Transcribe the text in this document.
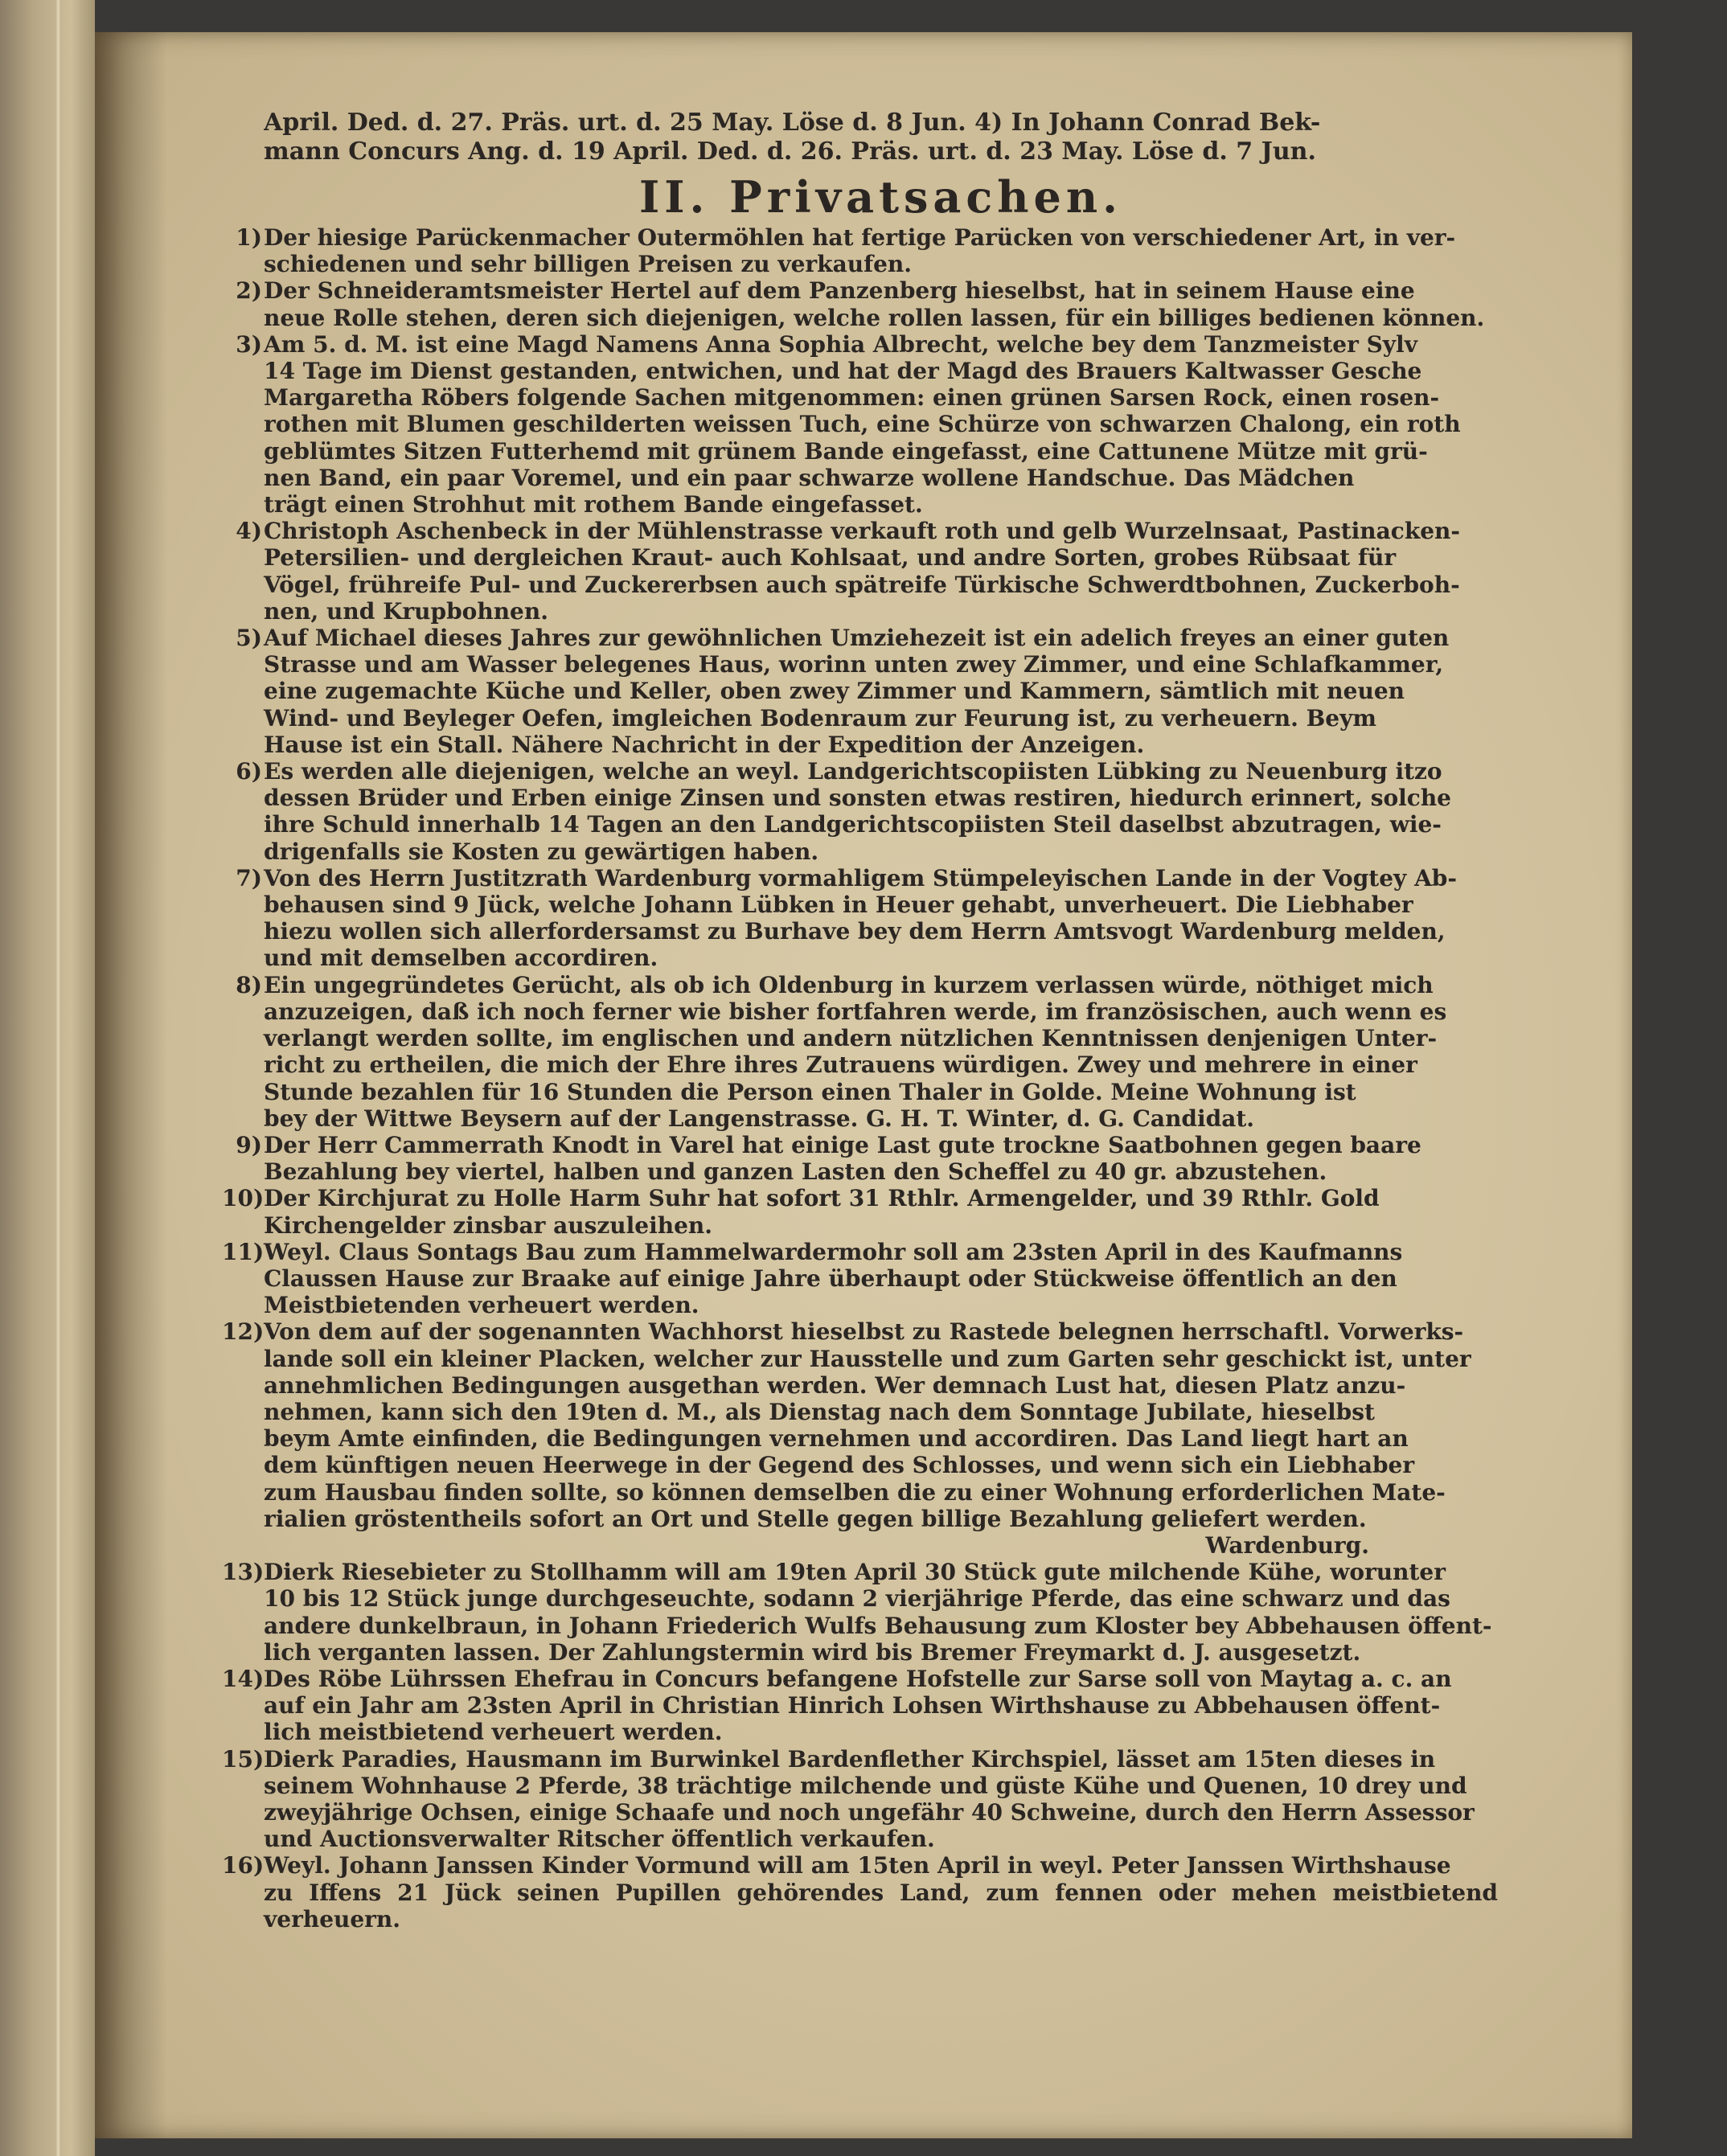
April. Ded. d. 27. Präs. urt. d. 25 May. Löse d. 8 Jun. 4) In Johann Conrad Bek-
mann Concurs Ang. d. 19 April. Ded. d. 26. Präs. urt. d. 23 May. Löse d. 7 Jun.
II. Privatsachen.
1) Der hiesige Parückenmacher Outermöhlen hat fertige Parücken von verschiedener Art, in ver-
schiedenen und sehr billigen Preisen zu verkaufen.
2) Der Schneideramtsmeister Hertel auf dem Panzenberg hieselbst, hat in seinem Hause eine
neue Rolle stehen, deren sich diejenigen, welche rollen lassen, für ein billiges bedienen können.
3) Am 5. d. M. ist eine Magd Namens Anna Sophia Albrecht, welche bey dem Tanzmeister Sylv
14 Tage im Dienst gestanden, entwichen, und hat der Magd des Brauers Kaltwasser Gesche
Margaretha Röbers folgende Sachen mitgenommen: einen grünen Sarsen Rock, einen rosen-
rothen mit Blumen geschilderten weissen Tuch, eine Schürze von schwarzen Chalong, ein roth
geblümtes Sitzen Futterhemd mit grünem Bande eingefasst, eine Cattunene Mütze mit grü-
nen Band, ein paar Voremel, und ein paar schwarze wollene Handschue. Das Mädchen
trägt einen Strohhut mit rothem Bande eingefasset.
4) Christoph Aschenbeck in der Mühlenstrasse verkauft roth und gelb Wurzelnsaat, Pastinacken-
Petersilien- und dergleichen Kraut- auch Kohlsaat, und andre Sorten, grobes Rübsaat für
Vögel, frühreife Pul- und Zuckererbsen auch spätreife Türkische Schwerdtbohnen, Zuckerboh-
nen, und Krupbohnen.
5) Auf Michael dieses Jahres zur gewöhnlichen Umziehezeit ist ein adelich freyes an einer guten
Strasse und am Wasser belegenes Haus, worinn unten zwey Zimmer, und eine Schlafkammer,
eine zugemachte Küche und Keller, oben zwey Zimmer und Kammern, sämtlich mit neuen
Wind- und Beyleger Oefen, imgleichen Bodenraum zur Feurung ist, zu verheuern. Beym
Hause ist ein Stall. Nähere Nachricht in der Expedition der Anzeigen.
6) Es werden alle diejenigen, welche an weyl. Landgerichtscopiisten Lübking zu Neuenburg itzo
dessen Brüder und Erben einige Zinsen und sonsten etwas restiren, hiedurch erinnert, solche
ihre Schuld innerhalb 14 Tagen an den Landgerichtscopiisten Steil daselbst abzutragen, wie-
drigenfalls sie Kosten zu gewärtigen haben.
7) Von des Herrn Justitzrath Wardenburg vormahligem Stümpeleyischen Lande in der Vogtey Ab-
behausen sind 9 Jück, welche Johann Lübken in Heuer gehabt, unverheuert. Die Liebhaber
hiezu wollen sich allerfordersamst zu Burhave bey dem Herrn Amtsvogt Wardenburg melden,
und mit demselben accordiren.
8) Ein ungegründetes Gerücht, als ob ich Oldenburg in kurzem verlassen würde, nöthiget mich
anzuzeigen, daß ich noch ferner wie bisher fortfahren werde, im französischen, auch wenn es
verlangt werden sollte, im englischen und andern nützlichen Kenntnissen denjenigen Unter-
richt zu ertheilen, die mich der Ehre ihres Zutrauens würdigen. Zwey und mehrere in einer
Stunde bezahlen für 16 Stunden die Person einen Thaler in Golde. Meine Wohnung ist
bey der Wittwe Beysern auf der Langenstrasse. G. H. T. Winter, d. G. Candidat.
9) Der Herr Cammerrath Knodt in Varel hat einige Last gute trockne Saatbohnen gegen baare
Bezahlung bey viertel, halben und ganzen Lasten den Scheffel zu 40 gr. abzustehen.
10) Der Kirchjurat zu Holle Harm Suhr hat sofort 31 Rthlr. Armengelder, und 39 Rthlr. Gold
Kirchengelder zinsbar auszuleihen.
11) Weyl. Claus Sontags Bau zum Hammelwardermohr soll am 23sten April in des Kaufmanns
Claussen Hause zur Braake auf einige Jahre überhaupt oder Stückweise öffentlich an den
Meistbietenden verheuert werden.
12) Von dem auf der sogenannten Wachhorst hieselbst zu Rastede belegnen herrschaftl. Vorwerks-
lande soll ein kleiner Placken, welcher zur Hausstelle und zum Garten sehr geschickt ist, unter
annehmlichen Bedingungen ausgethan werden. Wer demnach Lust hat, diesen Platz anzu-
nehmen, kann sich den 19ten d. M., als Dienstag nach dem Sonntage Jubilate, hieselbst
beym Amte einfinden, die Bedingungen vernehmen und accordiren. Das Land liegt hart an
dem künftigen neuen Heerwege in der Gegend des Schlosses, und wenn sich ein Liebhaber
zum Hausbau finden sollte, so können demselben die zu einer Wohnung erforderlichen Mate-
rialien gröstentheils sofort an Ort und Stelle gegen billige Bezahlung geliefert werden.
Wardenburg.
13) Dierk Riesebieter zu Stollhamm will am 19ten April 30 Stück gute milchende Kühe, worunter
10 bis 12 Stück junge durchgeseuchte, sodann 2 vierjährige Pferde, das eine schwarz und das
andere dunkelbraun, in Johann Friederich Wulfs Behausung zum Kloster bey Abbehausen öffent-
lich verganten lassen. Der Zahlungstermin wird bis Bremer Freymarkt d. J. ausgesetzt.
14) Des Röbe Lührssen Ehefrau in Concurs befangene Hofstelle zur Sarse soll von Maytag a. c. an
auf ein Jahr am 23sten April in Christian Hinrich Lohsen Wirthshause zu Abbehausen öffent-
lich meistbietend verheuert werden.
15) Dierk Paradies, Hausmann im Burwinkel Bardenflether Kirchspiel, lässet am 15ten dieses in
seinem Wohnhause 2 Pferde, 38 trächtige milchende und güste Kühe und Quenen, 10 drey und
zweyjährige Ochsen, einige Schaafe und noch ungefähr 40 Schweine, durch den Herrn Assessor
und Auctionsverwalter Ritscher öffentlich verkaufen.
16) Weyl. Johann Janssen Kinder Vormund will am 15ten April in weyl. Peter Janssen Wirthshause
zu Iffens 21 Jück seinen Pupillen gehörendes Land, zum fennen oder mehen meistbietend verheuern.
